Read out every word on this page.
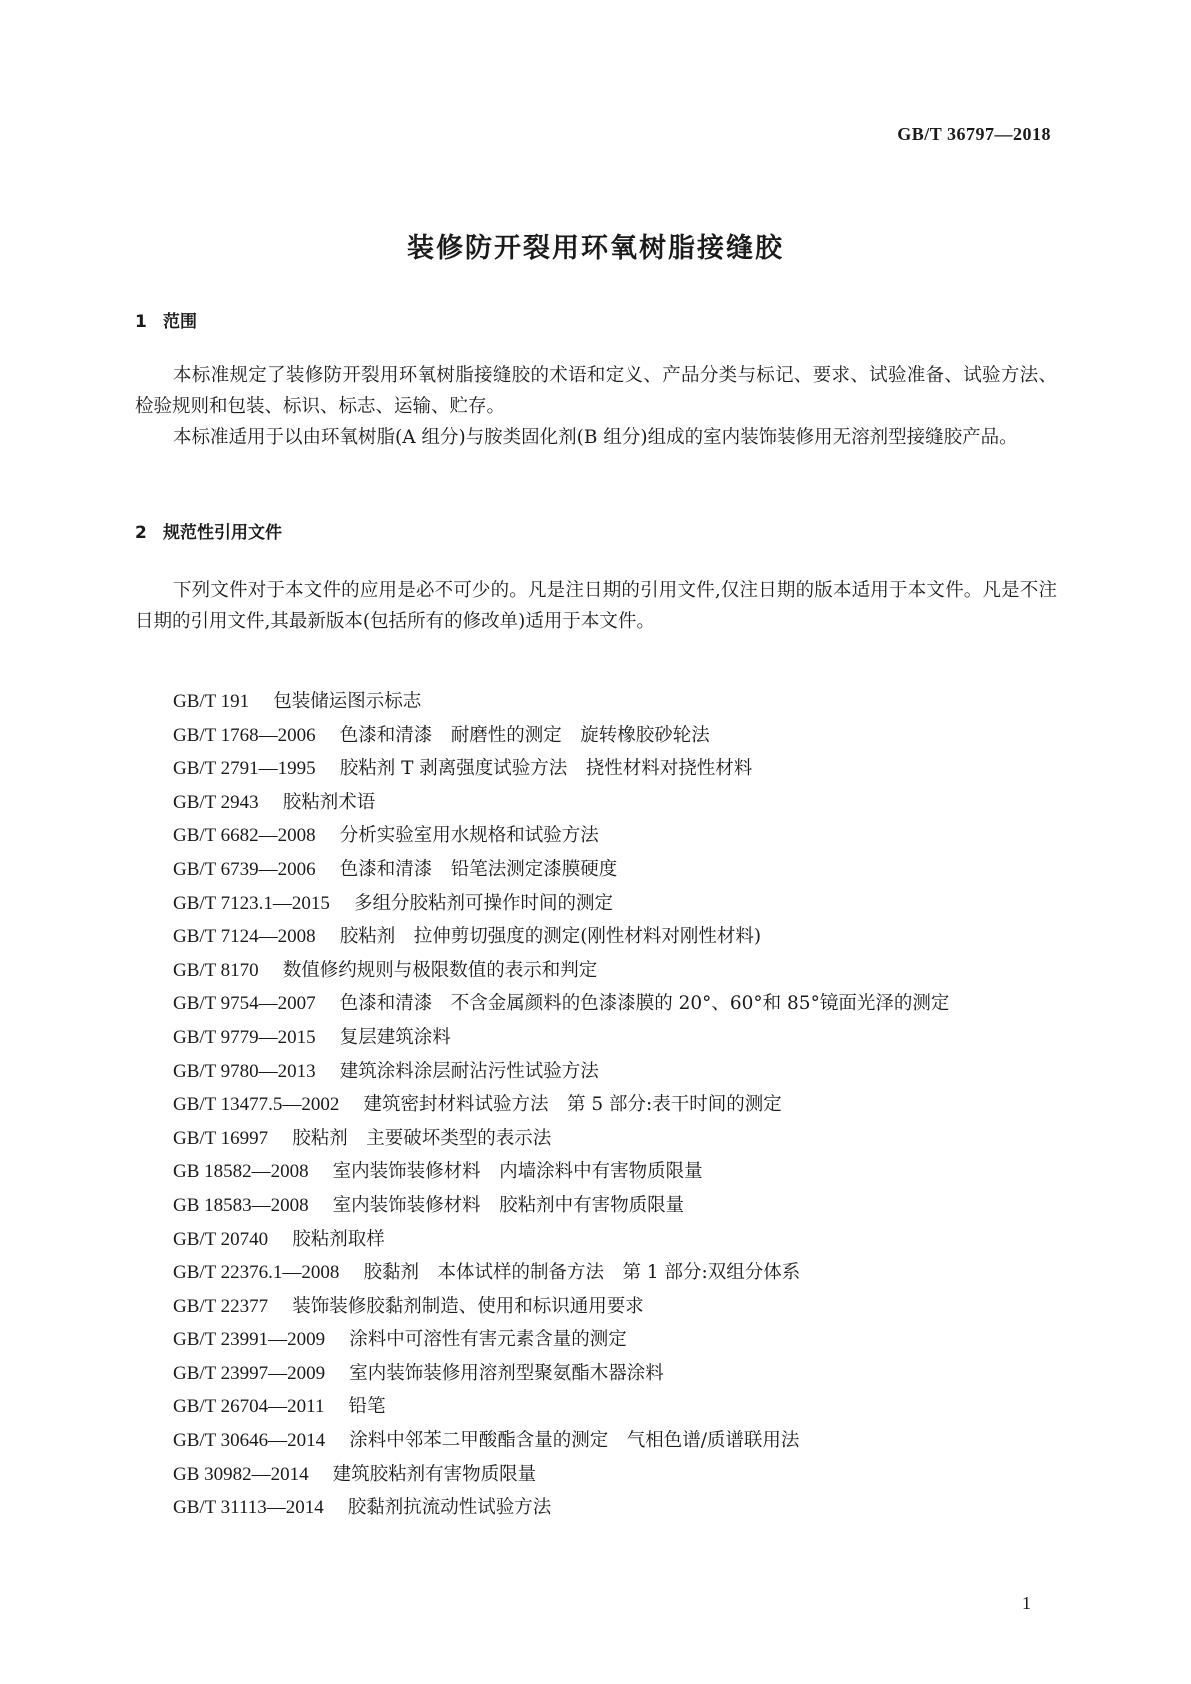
GB/T 36797—2018
装修防开裂用环氧树脂接缝胶
1 范围

本标准规定了装修防开裂用环氧树脂接缝胶的术语和定义、产品分类与标记、要求、试验准备、试验方法、检验规则和包装、标识、标志、运输、贮存。

本标准适用于以由环氧树脂(A 组分)与胺类固化剂(B 组分)组成的室内装饰装修用无溶剂型接缝胶产品。

2 规范性引用文件

下列文件对于本文件的应用是必不可少的。凡是注日期的引用文件,仅注日期的版本适用于本文件。凡是不注日期的引用文件,其最新版本(包括所有的修改单)适用于本文件。

GB/T 191 包装储运图示标志
GB/T 1768—2006 色漆和清漆　耐磨性的测定　旋转橡胶砂轮法
GB/T 2791—1995 胶粘剂 T 剥离强度试验方法　挠性材料对挠性材料
GB/T 2943 胶粘剂术语
GB/T 6682—2008 分析实验室用水规格和试验方法
GB/T 6739—2006 色漆和清漆　铅笔法测定漆膜硬度
GB/T 7123.1—2015 多组分胶粘剂可操作时间的测定
GB/T 7124—2008 胶粘剂　拉伸剪切强度的测定(刚性材料对刚性材料)
GB/T 8170 数值修约规则与极限数值的表示和判定
GB/T 9754—2007 色漆和清漆　不含金属颜料的色漆漆膜的 20°、60°和 85°镜面光泽的测定
GB/T 9779—2015 复层建筑涂料
GB/T 9780—2013 建筑涂料涂层耐沾污性试验方法
GB/T 13477.5—2002 建筑密封材料试验方法　第 5 部分:表干时间的测定
GB/T 16997 胶粘剂　主要破坏类型的表示法
GB 18582—2008 室内装饰装修材料　内墙涂料中有害物质限量
GB 18583—2008 室内装饰装修材料　胶粘剂中有害物质限量
GB/T 20740 胶粘剂取样
GB/T 22376.1—2008 胶黏剂　本体试样的制备方法　第 1 部分:双组分体系
GB/T 22377 装饰装修胶黏剂制造、使用和标识通用要求
GB/T 23991—2009 涂料中可溶性有害元素含量的测定
GB/T 23997—2009 室内装饰装修用溶剂型聚氨酯木器涂料
GB/T 26704—2011 铅笔
GB/T 30646—2014 涂料中邻苯二甲酸酯含量的测定　气相色谱/质谱联用法
GB 30982—2014 建筑胶粘剂有害物质限量
GB/T 31113—2014 胶黏剂抗流动性试验方法
1
